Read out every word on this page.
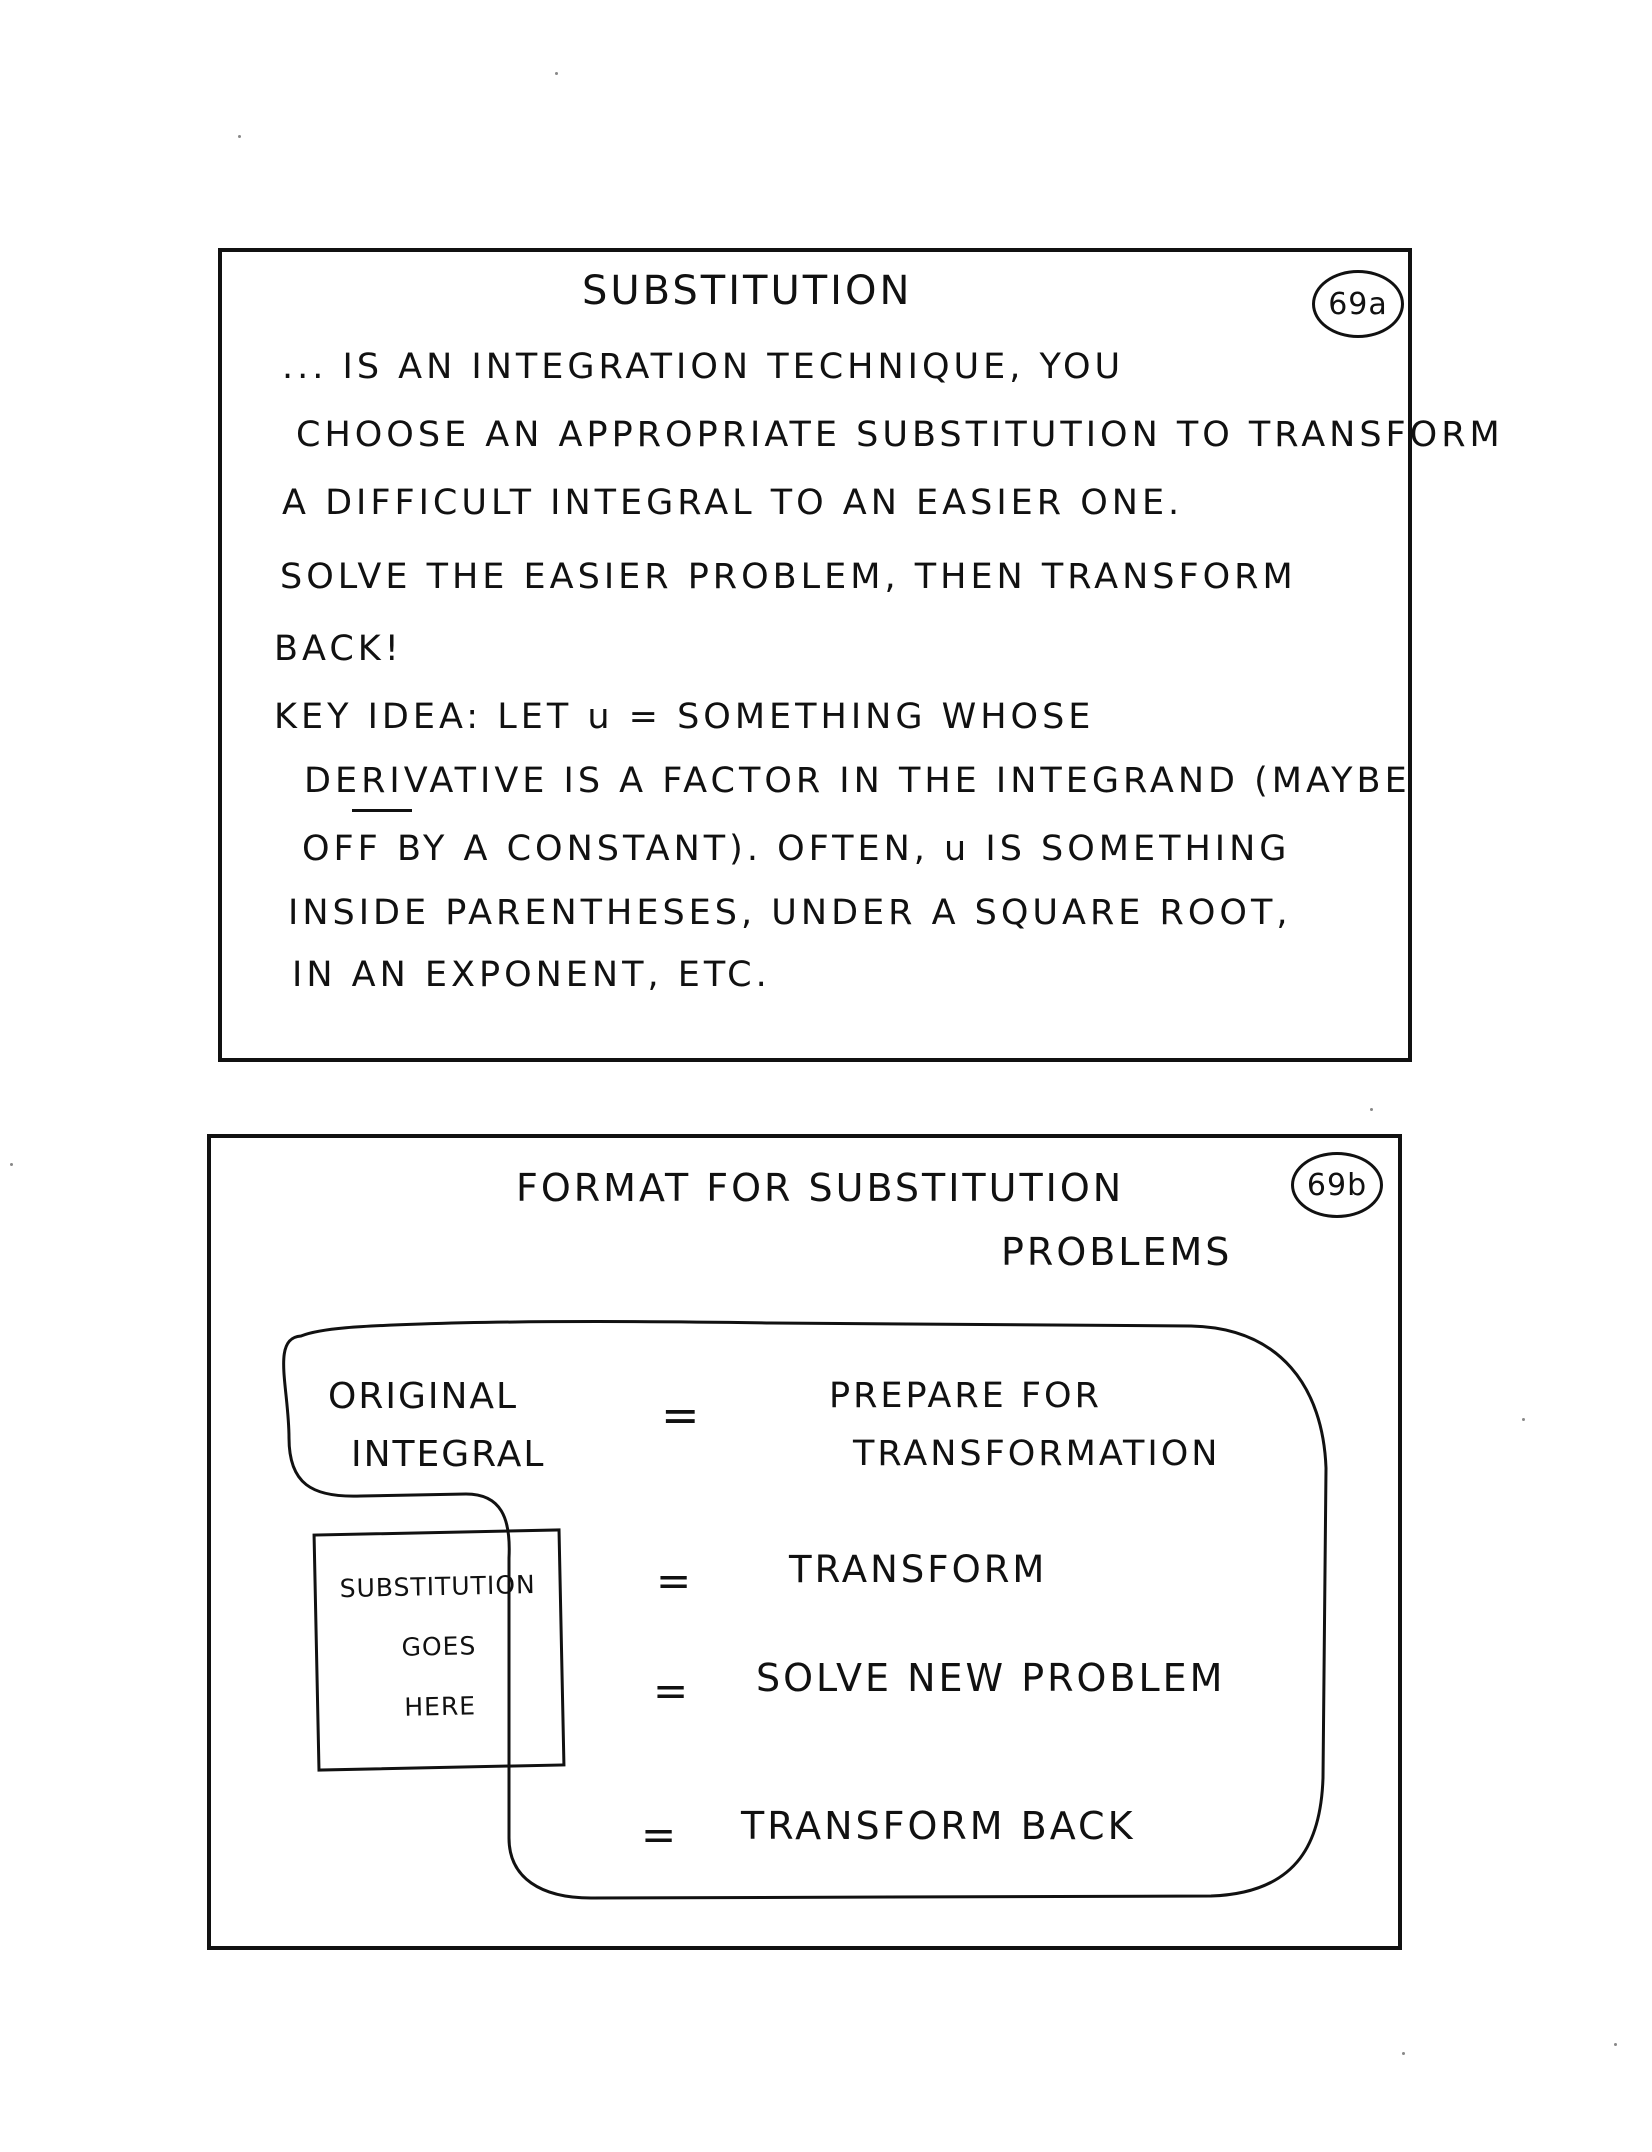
SUBSTITUTION	69a
... IS AN INTEGRATION TECHNIQUE, YOU
CHOOSE AN APPROPRIATE SUBSTITUTION TO TRANSFORM
A DIFFICULT INTEGRAL TO AN EASIER ONE.
SOLVE THE EASIER PROBLEM, THEN TRANSFORM
BACK!
KEY IDEA: LET u = SOMETHING WHOSE
DERIVATIVE IS A FACTOR IN THE INTEGRAND (MAYBE
OFF BY A CONSTANT). OFTEN, u IS SOMETHING
INSIDE PARENTHESES, UNDER A SQUARE ROOT,
IN AN EXPONENT, ETC.
FORMAT FOR SUBSTITUTION
PROBLEMS
69b
ORIGINAL
INTEGRAL
=	PREPARE FOR
TRANSFORMATION
=	TRANSFORM
= SOLVE NEW PROBLEM
= TRANSFORM BACK
SUBSTITUTION
GOES
HERE
